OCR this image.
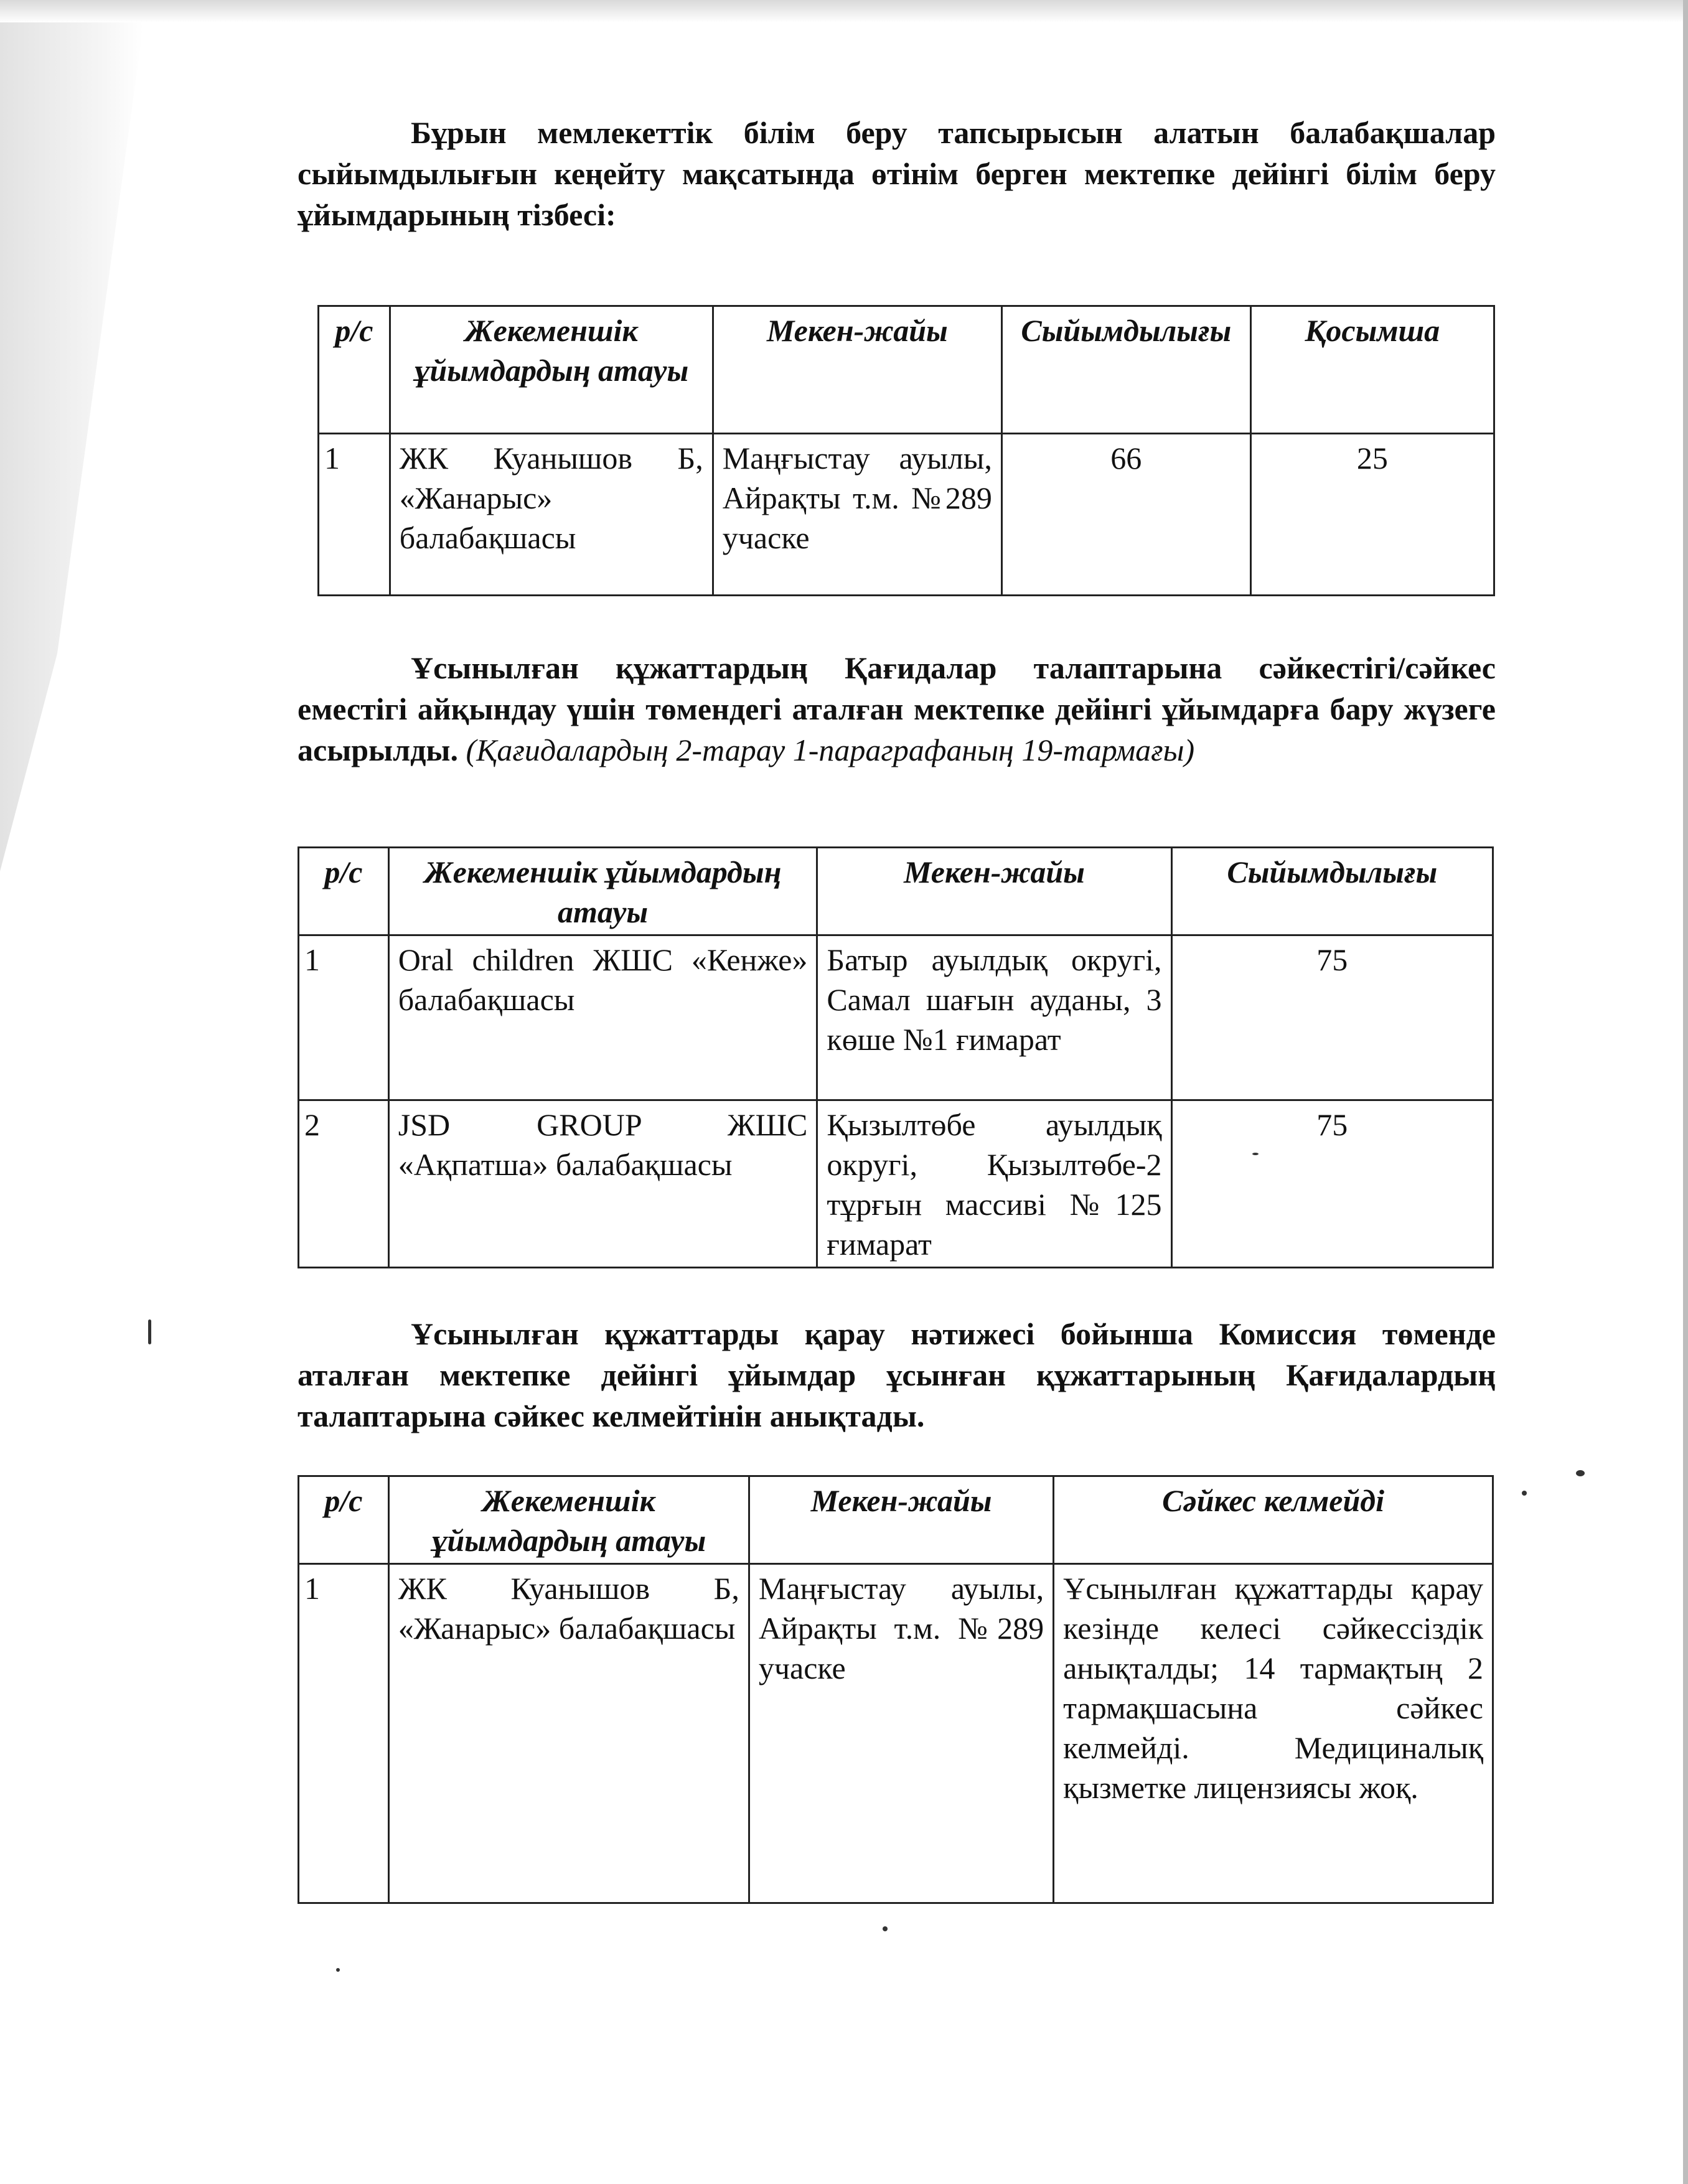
Бұрын мемлекеттік білім беру тапсырысын алатын балабақшалар сыйымдылығын кеңейту мақсатында өтінім берген мектепке дейінгі білім беру ұйымдарының тізбесі:

р/с	Жекеменшік ұйымдардың атауы	Мекен-жайы	Сыйымдылығы	Қосымша
1	ЖК Куанышов Б, «Жанарыс» балабақшасы	Маңғыстау ауылы, Айрақты т.м. №289 учаске	66	25

Ұсынылған құжаттардың Қағидалар талаптарына сәйкестігі/сәйкес еместігі айқындау үшін төмендегі аталған мектепке дейінгі ұйымдарға бару жүзеге асырылды. (Қағидалардың 2-тарау 1-параграфаның 19-тармағы)

р/с	Жекеменшік ұйымдардың атауы	Мекен-жайы	Сыйымдылығы
1	Oral children ЖШС «Кенже» балабақшасы	Батыр ауылдық округі, Самал шағын ауданы, 3 көше №1 ғимарат	75
2	JSD GROUP ЖШС «Ақпатша» балабақшасы	Қызылтөбе ауылдық округі, Қызылтөбе-2 тұрғын массиві №125 ғимарат	75

Ұсынылған құжаттарды қарау нәтижесі бойынша Комиссия төменде аталған мектепке дейінгі ұйымдар ұсынған құжаттарының Қағидалардың талаптарына сәйкес келмейтінін анықтады.

р/с	Жекеменшік ұйымдардың атауы	Мекен-жайы	Сәйкес келмейді
1	ЖК Куанышов Б, «Жанарыс» балабақшасы	Маңғыстау ауылы, Айрақты т.м. №289 учаске	Ұсынылған құжаттарды қарау кезінде келесі сәйкессіздік анықталды; 14 тармақтың 2 тармақшасына сәйкес келмейді. Медициналық қызметке лицензиясы жоқ.
